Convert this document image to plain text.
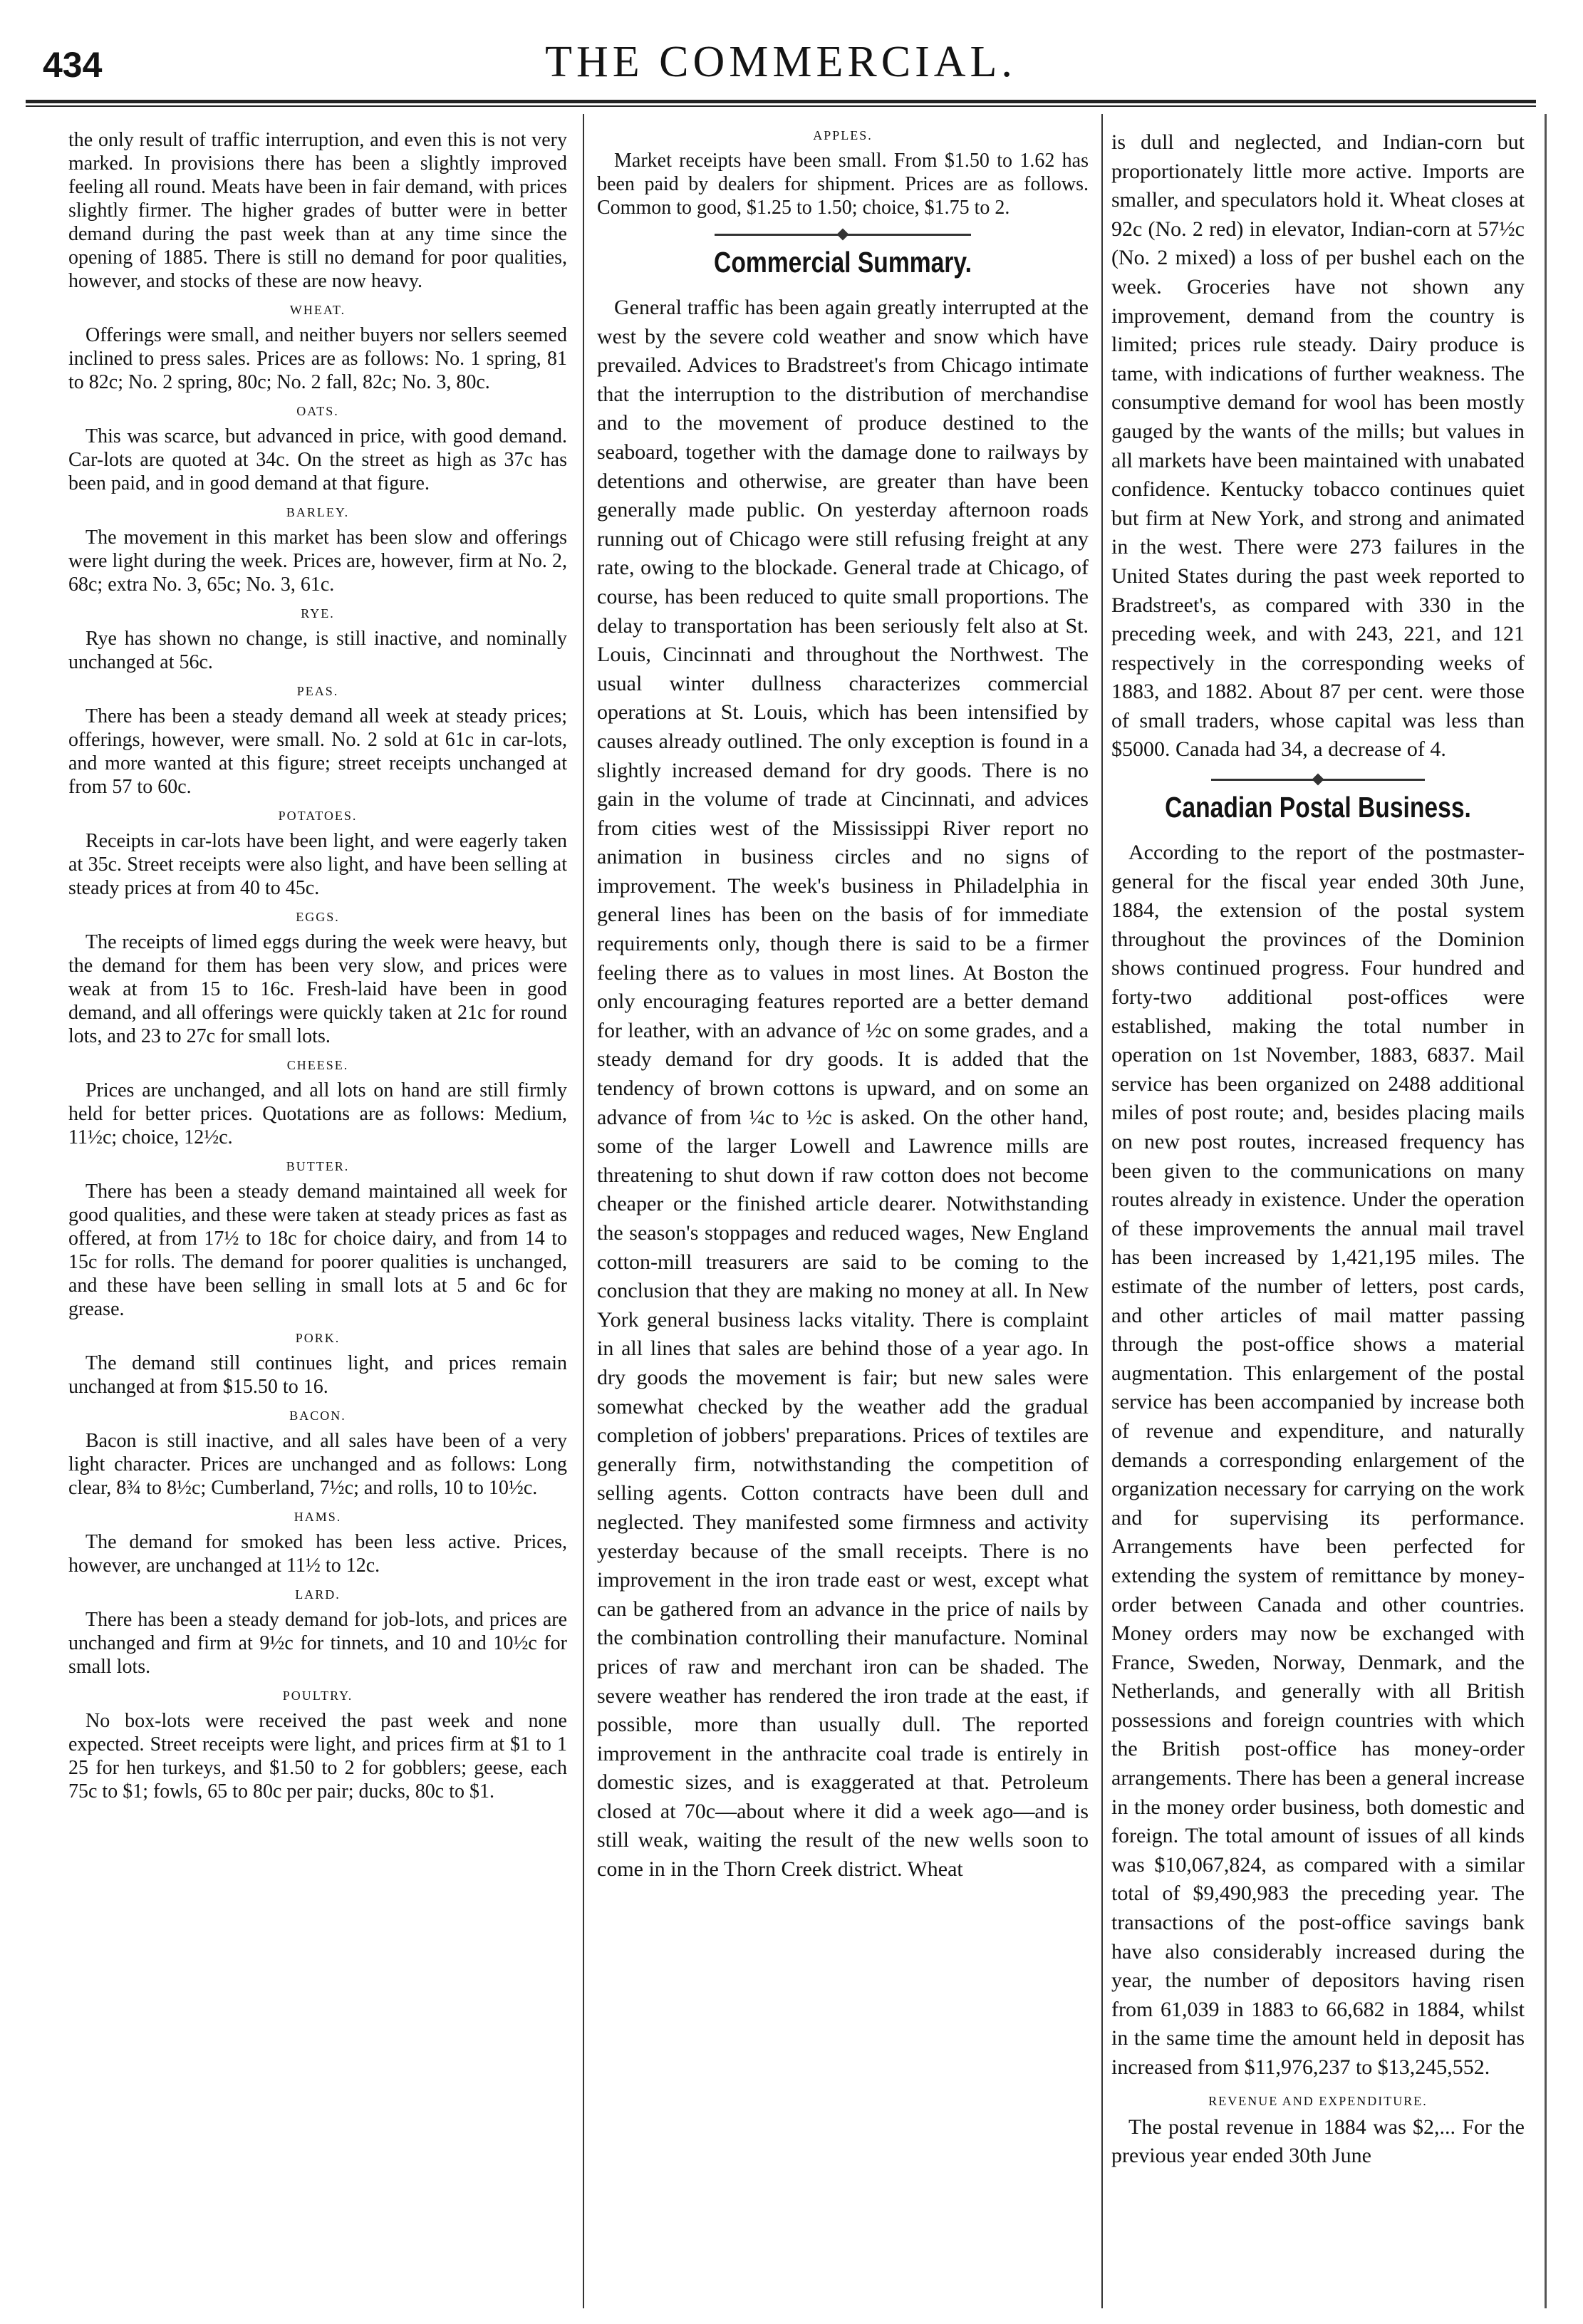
434	THE COMMERCIAL.

the only result of traffic interruption, and even this is not very marked. In provisions there has been a slightly improved feeling all round. Meats have been in fair demand, with prices slightly firmer. The higher grades of butter were in better demand during the past week than at any time since the opening of 1885. There is still no demand for poor qualities, however, and stocks of these are now heavy.

WHEAT.

Offerings were small, and neither buyers nor sellers seemed inclined to press sales. Prices are as follows: No. 1 spring, 81 to 82c; No. 2 spring, 80c; No. 2 fall, 82c; No. 3, 80c.

OATS.

This was scarce, but advanced in price, with good demand. Car-lots are quoted at 34c. On the street as high as 37c has been paid, and in good demand at that figure.

BARLEY.

The movement in this market has been slow and offerings were light during the week. Prices are, however, firm at No. 2, 68c; extra No. 3, 65c; No. 3, 61c.

RYE.

Rye has shown no change, is still inactive, and nominally unchanged at 56c.

PEAS.

There has been a steady demand all week at steady prices; offerings, however, were small. No. 2 sold at 61c in car-lots, and more wanted at this figure; street receipts unchanged at from 57 to 60c.

POTATOES.

Receipts in car-lots have been light, and were eagerly taken at 35c. Street receipts were also light, and have been selling at steady prices at from 40 to 45c.

EGGS.

The receipts of limed eggs during the week were heavy, but the demand for them has been very slow, and prices were weak at from 15 to 16c. Fresh-laid have been in good demand, and all offerings were quickly taken at 21c for round lots, and 23 to 27c for small lots.

CHEESE.

Prices are unchanged, and all lots on hand are still firmly held for better prices. Quotations are as follows: Medium, 11½c; choice, 12½c.

BUTTER.

There has been a steady demand maintained all week for good qualities, and these were taken at steady prices as fast as offered, at from 17½ to 18c for choice dairy, and from 14 to 15c for rolls. The demand for poorer qualities is unchanged, and these have been selling in small lots at 5 and 6c for grease.

PORK.

The demand still continues light, and prices remain unchanged at from $15.50 to 16.

BACON.

Bacon is still inactive, and all sales have been of a very light character. Prices are unchanged and as follows: Long clear, 8¾ to 8½c; Cumberland, 7½c; and rolls, 10 to 10½c.

HAMS.

The demand for smoked has been less active. Prices, however, are unchanged at 11½ to 12c.

LARD.

There has been a steady demand for job-lots, and prices are unchanged and firm at 9½c for tinnets, and 10 and 10½c for small lots.

POULTRY.

No box-lots were received the past week and none expected. Street receipts were light, and prices firm at $1 to 1 25 for hen turkeys, and $1.50 to 2 for gobblers; geese, each 75c to $1; fowls, 65 to 80c per pair; ducks, 80c to $1.

APPLES.

Market receipts have been small. From $1.50 to 1.62 has been paid by dealers for shipment. Prices are as follows. Common to good, $1.25 to 1.50; choice, $1.75 to 2.

Commercial Summary.

General traffic has been again greatly interrupted at the west by the severe cold weather and snow which have prevailed. Advices to Bradstreet's from Chicago intimate that the interruption to the distribution of merchandise and to the movement of produce destined to the seaboard, together with the damage done to railways by detentions and otherwise, are greater than have been generally made public. On yesterday afternoon roads running out of Chicago were still refusing freight at any rate, owing to the blockade. General trade at Chicago, of course, has been reduced to quite small proportions. The delay to transportation has been seriously felt also at St. Louis, Cincinnati and throughout the Northwest. The usual winter dullness characterizes commercial operations at St. Louis, which has been intensified by causes already outlined. The only exception is found in a slightly increased demand for dry goods. There is no gain in the volume of trade at Cincinnati, and advices from cities west of the Mississippi River report no animation in business circles and no signs of improvement. The week's business in Philadelphia in general lines has been on the basis of for immediate requirements only, though there is said to be a firmer feeling there as to values in most lines. At Boston the only encouraging features reported are a better demand for leather, with an advance of ½c on some grades, and a steady demand for dry goods. It is added that the tendency of brown cottons is upward, and on some an advance of from ¼c to ½c is asked. On the other hand, some of the larger Lowell and Lawrence mills are threatening to shut down if raw cotton does not become cheaper or the finished article dearer. Notwithstanding the season's stoppages and reduced wages, New England cotton-mill treasurers are said to be coming to the conclusion that they are making no money at all. In New York general business lacks vitality. There is complaint in all lines that sales are behind those of a year ago. In dry goods the movement is fair; but new sales were somewhat checked by the weather add the gradual completion of jobbers' preparations. Prices of textiles are generally firm, notwithstanding the competition of selling agents. Cotton contracts have been dull and neglected. They manifested some firmness and activity yesterday because of the small receipts. There is no improvement in the iron trade east or west, except what can be gathered from an advance in the price of nails by the combination controlling their manufacture. Nominal prices of raw and merchant iron can be shaded. The severe weather has rendered the iron trade at the east, if possible, more than usually dull. The reported improvement in the anthracite coal trade is entirely in domestic sizes, and is exaggerated at that. Petroleum closed at 70c—about where it did a week ago—and is still weak, waiting the result of the new wells soon to come in in the Thorn Creek district. Wheat

is dull and neglected, and Indian-corn but proportionately little more active. Imports are smaller, and speculators hold it. Wheat closes at 92c (No. 2 red) in elevator, Indian-corn at 57½c (No. 2 mixed) a loss of per bushel each on the week. Groceries have not shown any improvement, demand from the country is limited; prices rule steady. Dairy produce is tame, with indications of further weakness. The consumptive demand for wool has been mostly gauged by the wants of the mills; but values in all markets have been maintained with unabated confidence. Kentucky tobacco continues quiet but firm at New York, and strong and animated in the west. There were 273 failures in the United States during the past week reported to Bradstreet's, as compared with 330 in the preceding week, and with 243, 221, and 121 respectively in the corresponding weeks of 1883, and 1882. About 87 per cent. were those of small traders, whose capital was less than $5000. Canada had 34, a decrease of 4.

Canadian Postal Business.

According to the report of the postmaster-general for the fiscal year ended 30th June, 1884, the extension of the postal system throughout the provinces of the Dominion shows continued progress. Four hundred and forty-two additional post-offices were established, making the total number in operation on 1st November, 1883, 6837. Mail service has been organized on 2488 additional miles of post route; and, besides placing mails on new post routes, increased frequency has been given to the communications on many routes already in existence. Under the operation of these improvements the annual mail travel has been increased by 1,421,195 miles. The estimate of the number of letters, post cards, and other articles of mail matter passing through the post-office shows a material augmentation. This enlargement of the postal service has been accompanied by increase both of revenue and expenditure, and naturally demands a corresponding enlargement of the organization necessary for carrying on the work and for supervising its performance. Arrangements have been perfected for extending the system of remittance by money-order between Canada and other countries. Money orders may now be exchanged with France, Sweden, Norway, Denmark, and the Netherlands, and generally with all British possessions and foreign countries with which the British post-office has money-order arrangements. There has been a general increase in the money order business, both domestic and foreign. The total amount of issues of all kinds was $10,067,824, as compared with a similar total of $9,490,983 the preceding year. The transactions of the post-office savings bank have also considerably increased during the year, the number of depositors having risen from 61,039 in 1883 to 66,682 in 1884, whilst in the same time the amount held in deposit has increased from $11,976,237 to $13,245,552.

REVENUE AND EXPENDITURE.

The postal revenue in 1884 was $2,... For the previous year ended 30th June
